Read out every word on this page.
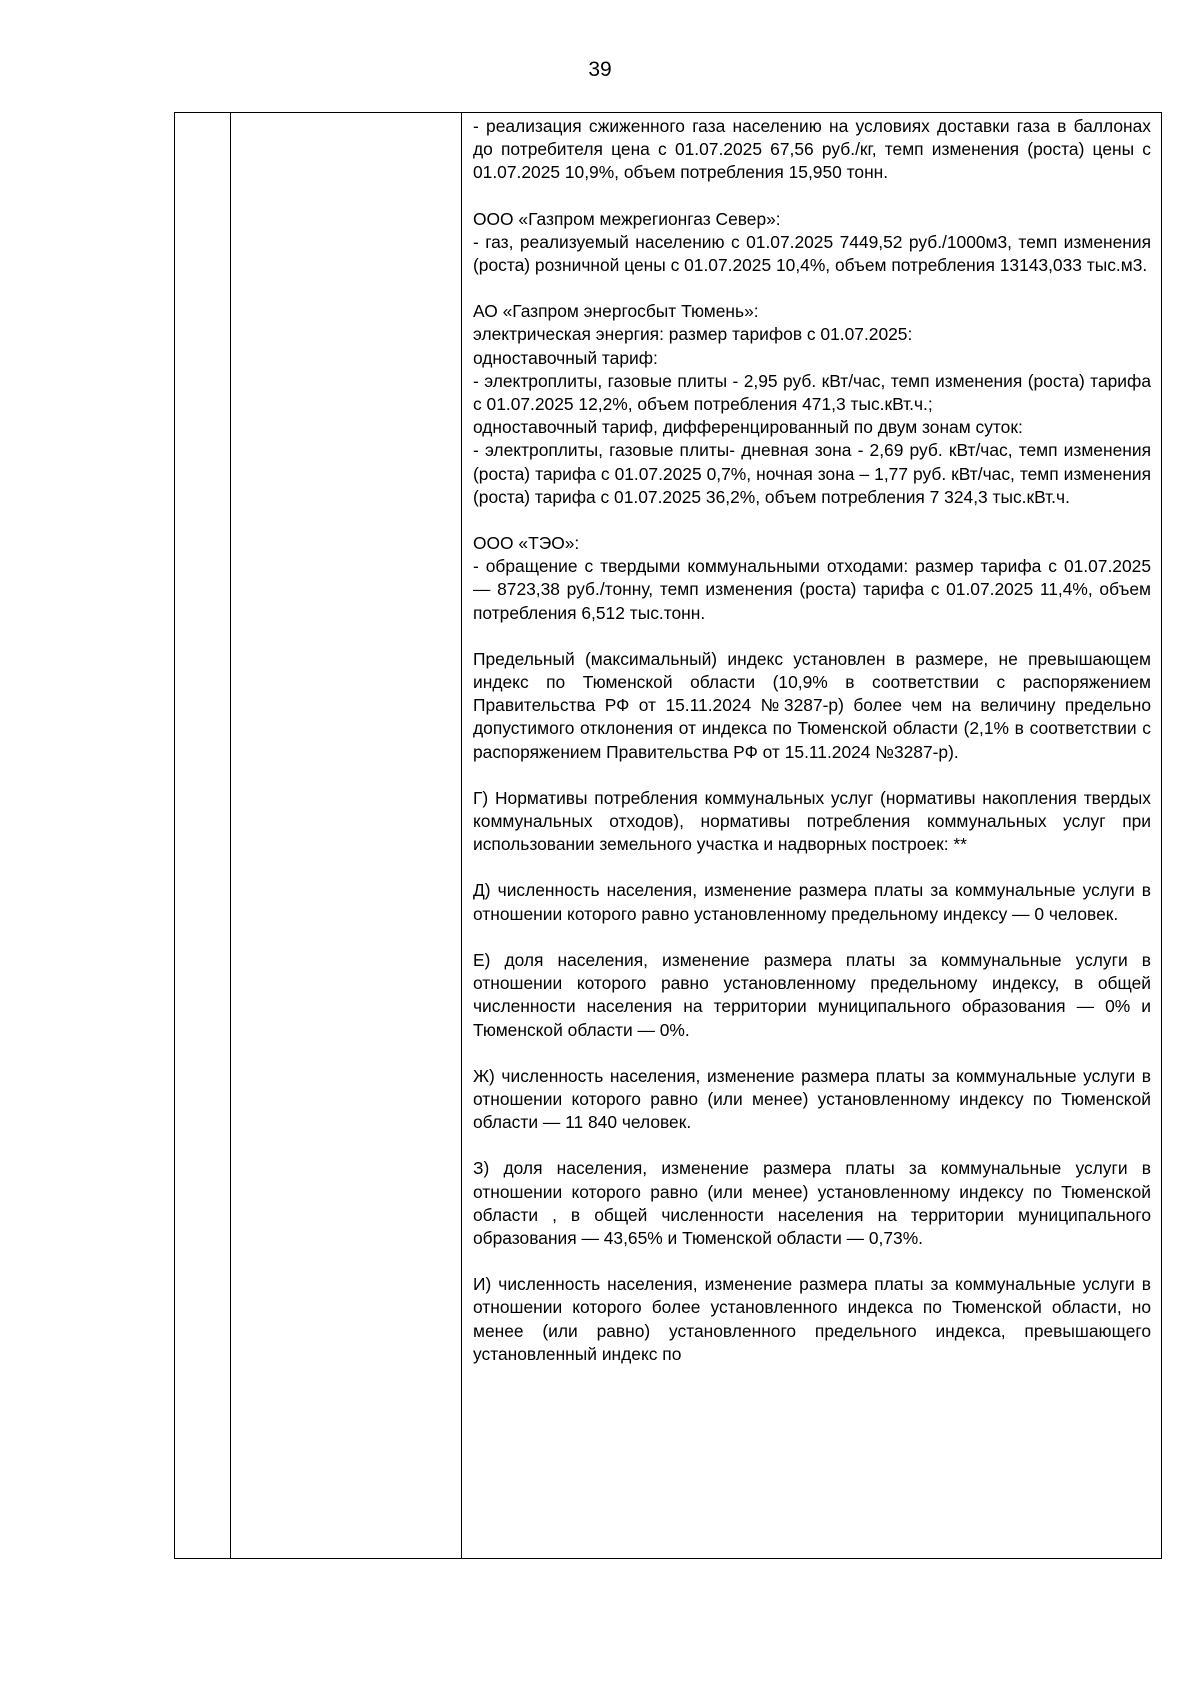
39
- реализация сжиженного газа населению на условиях доставки газа в баллонах до потребителя цена с 01.07.2025 67,56 руб./кг, темп изменения (роста) цены с 01.07.2025 10,9%, объем потребления 15,950 тонн.
ООО «Газпром межрегионгаз Север»:
- газ, реализуемый населению с 01.07.2025 7449,52 руб./1000м3, темп изменения (роста) розничной цены с 01.07.2025 10,4%, объем потребления 13143,033 тыс.м3.
АО «Газпром энергосбыт Тюмень»:
электрическая энергия: размер тарифов с 01.07.2025:
одноставочный тариф:
- электроплиты, газовые плиты - 2,95 руб. кВт/час, темп изменения (роста) тарифа с 01.07.2025 12,2%, объем потребления 471,3 тыс.кВт.ч.;
одноставочный тариф, дифференцированный по двум зонам суток:
- электроплиты, газовые плиты- дневная зона - 2,69 руб. кВт/час, темп изменения (роста) тарифа с 01.07.2025 0,7%, ночная зона – 1,77 руб. кВт/час, темп изменения (роста) тарифа с 01.07.2025 36,2%, объем потребления 7 324,3 тыс.кВт.ч.
ООО «ТЭО»:
- обращение с твердыми коммунальными отходами: размер тарифа с 01.07.2025 — 8723,38 руб./тонну, темп изменения (роста) тарифа с 01.07.2025 11,4%, объем потребления 6,512 тыс.тонн.
Предельный (максимальный) индекс установлен в размере, не превышающем индекс по Тюменской области (10,9% в соответствии с распоряжением Правительства РФ от 15.11.2024 №3287-р) более чем на величину предельно допустимого отклонения от индекса по Тюменской области (2,1% в соответствии с распоряжением Правительства РФ от 15.11.2024 №3287-р).
Г) Нормативы потребления коммунальных услуг (нормативы накопления твердых коммунальных отходов), нормативы потребления коммунальных услуг при использовании земельного участка и надворных построек: **
Д) численность населения, изменение размера платы за коммунальные услуги в отношении которого равно установленному предельному индексу — 0 человек.
Е) доля населения, изменение размера платы за коммунальные услуги в отношении которого равно установленному предельному индексу, в общей численности населения на территории муниципального образования — 0% и Тюменской области — 0%.
Ж) численность населения, изменение размера платы за коммунальные услуги в отношении которого равно (или менее) установленному индексу по Тюменской области — 11 840 человек.
З) доля населения, изменение размера платы за коммунальные услуги в отношении которого равно (или менее) установленному индексу по Тюменской области , в общей численности населения на территории муниципального образования — 43,65% и Тюменской области — 0,73%.
И) численность населения, изменение размера платы за коммунальные услуги в отношении которого более установленного индекса по Тюменской области, но менее (или равно) установленного предельного индекса, превышающего установленный индекс по
